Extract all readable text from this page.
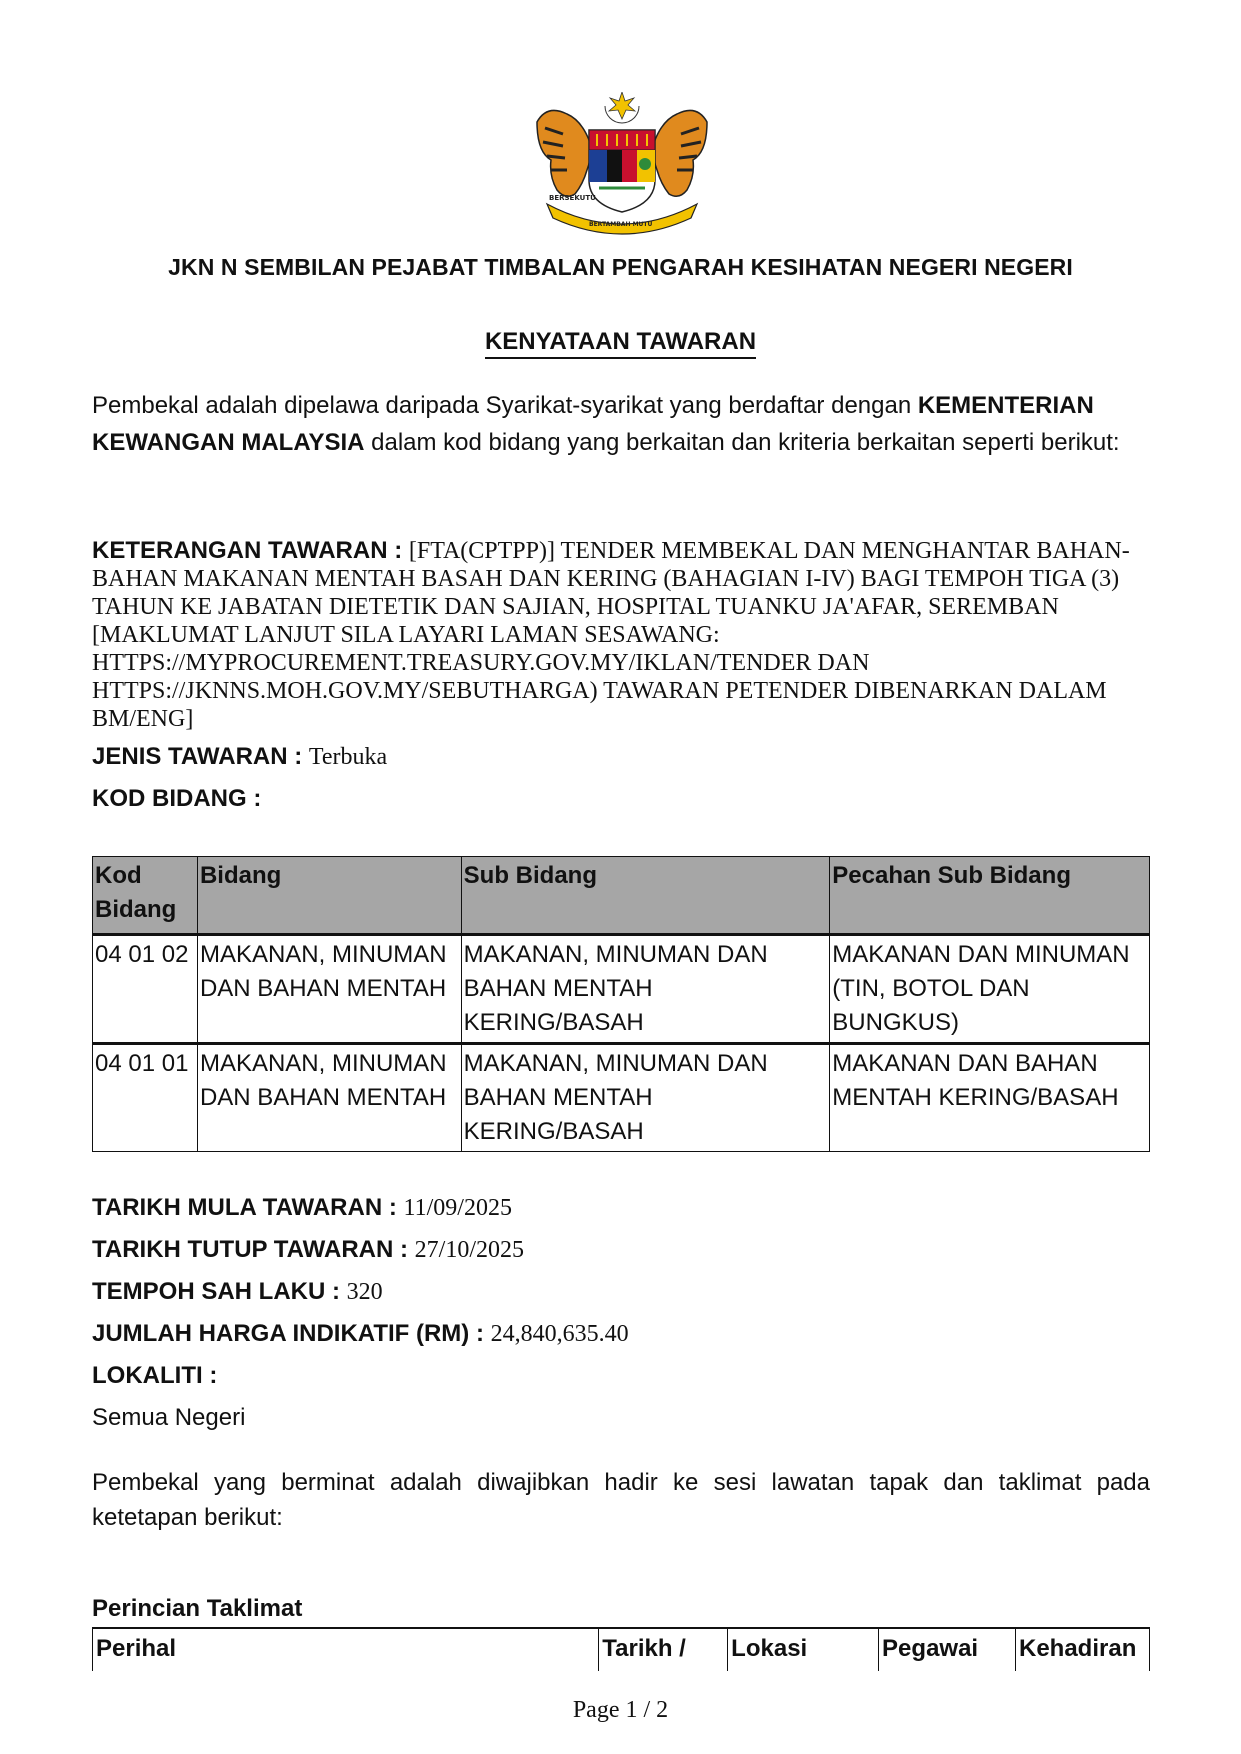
BERSEKUTU
BERTAMBAH MUTU
JKN N SEMBILAN PEJABAT TIMBALAN PENGARAH KESIHATAN NEGERI NEGERI
KENYATAAN TAWARAN
Pembekal adalah dipelawa daripada Syarikat-syarikat yang berdaftar dengan KEMENTERIAN KEWANGAN MALAYSIA dalam kod bidang yang berkaitan dan kriteria berkaitan seperti berikut:
KETERANGAN TAWARAN : [FTA(CPTPP)] TENDER MEMBEKAL DAN MENGHANTAR BAHAN-BAHAN MAKANAN MENTAH BASAH DAN KERING (BAHAGIAN I-IV) BAGI TEMPOH TIGA (3) TAHUN KE JABATAN DIETETIK DAN SAJIAN, HOSPITAL TUANKU JA'AFAR, SEREMBAN [MAKLUMAT LANJUT SILA LAYARI LAMAN SESAWANG: HTTPS://MYPROCUREMENT.TREASURY.GOV.MY/IKLAN/TENDER DAN HTTPS://JKNNS.MOH.GOV.MY/SEBUTHARGA) TAWARAN PETENDER DIBENARKAN DALAM BM/ENG]
JENIS TAWARAN : Terbuka
KOD BIDANG :
Kod Bidang	Bidang	Sub Bidang	Pecahan Sub Bidang
04 01 02	MAKANAN, MINUMAN DAN BAHAN MENTAH	MAKANAN, MINUMAN DAN BAHAN MENTAH KERING/BASAH	MAKANAN DAN MINUMAN (TIN, BOTOL DAN BUNGKUS)
04 01 01	MAKANAN, MINUMAN DAN BAHAN MENTAH	MAKANAN, MINUMAN DAN BAHAN MENTAH KERING/BASAH	MAKANAN DAN BAHAN MENTAH KERING/BASAH
TARIKH MULA TAWARAN : 11/09/2025
TARIKH TUTUP TAWARAN : 27/10/2025
TEMPOH SAH LAKU : 320
JUMLAH HARGA INDIKATIF (RM) : 24,840,635.40
LOKALITI :
Semua Negeri
Pembekal yang berminat adalah diwajibkan hadir ke sesi lawatan tapak dan taklimat pada ketetapan berikut:
Perincian Taklimat
Perihal	Tarikh /	Lokasi	Pegawai	Kehadiran
Page 1 / 2
